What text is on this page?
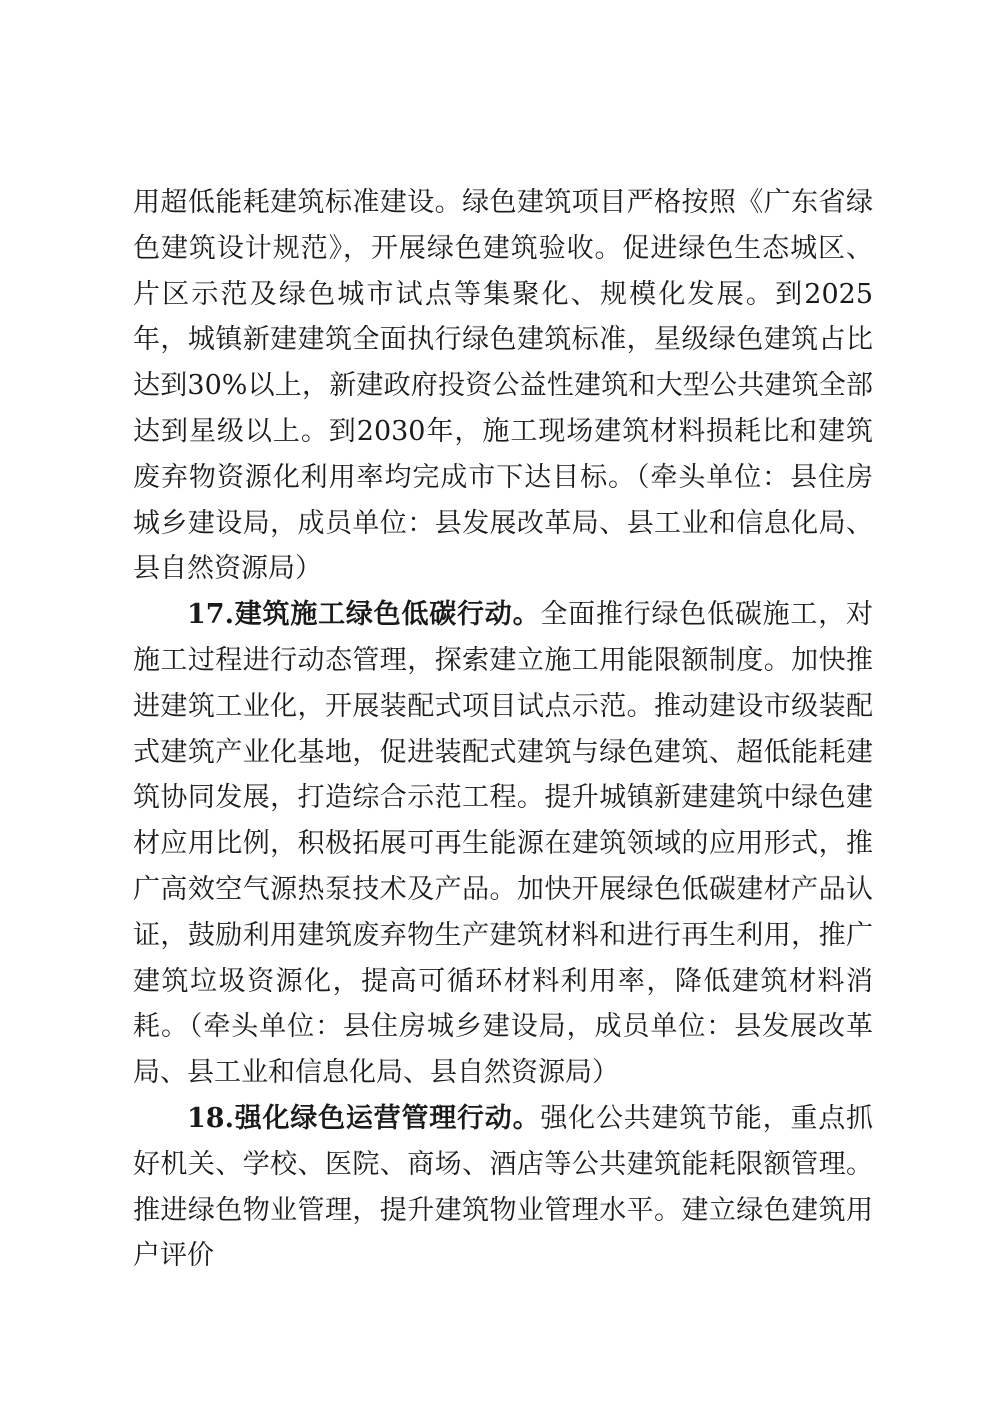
用超低能耗建筑标准建设。绿色建筑项目严格按照《广东省绿色建筑设计规范》，开展绿色建筑验收。促进绿色生态城区、片区示范及绿色城市试点等集聚化、规模化发展。到2025年，城镇新建建筑全面执行绿色建筑标准，星级绿色建筑占比达到30%以上，新建政府投资公益性建筑和大型公共建筑全部达到星级以上。到2030年，施工现场建筑材料损耗比和建筑废弃物资源化利用率均完成市下达目标。（牵头单位：县住房城乡建设局，成员单位：县发展改革局、县工业和信息化局、县自然资源局）

17.建筑施工绿色低碳行动。全面推行绿色低碳施工，对施工过程进行动态管理，探索建立施工用能限额制度。加快推进建筑工业化，开展装配式项目试点示范。推动建设市级装配式建筑产业化基地，促进装配式建筑与绿色建筑、超低能耗建筑协同发展，打造综合示范工程。提升城镇新建建筑中绿色建材应用比例，积极拓展可再生能源在建筑领域的应用形式，推广高效空气源热泵技术及产品。加快开展绿色低碳建材产品认证，鼓励利用建筑废弃物生产建筑材料和进行再生利用，推广建筑垃圾资源化，提高可循环材料利用率，降低建筑材料消耗。（牵头单位：县住房城乡建设局，成员单位：县发展改革局、县工业和信息化局、县自然资源局）

18.强化绿色运营管理行动。强化公共建筑节能，重点抓好机关、学校、医院、商场、酒店等公共建筑能耗限额管理。推进绿色物业管理，提升建筑物业管理水平。建立绿色建筑用户评价
